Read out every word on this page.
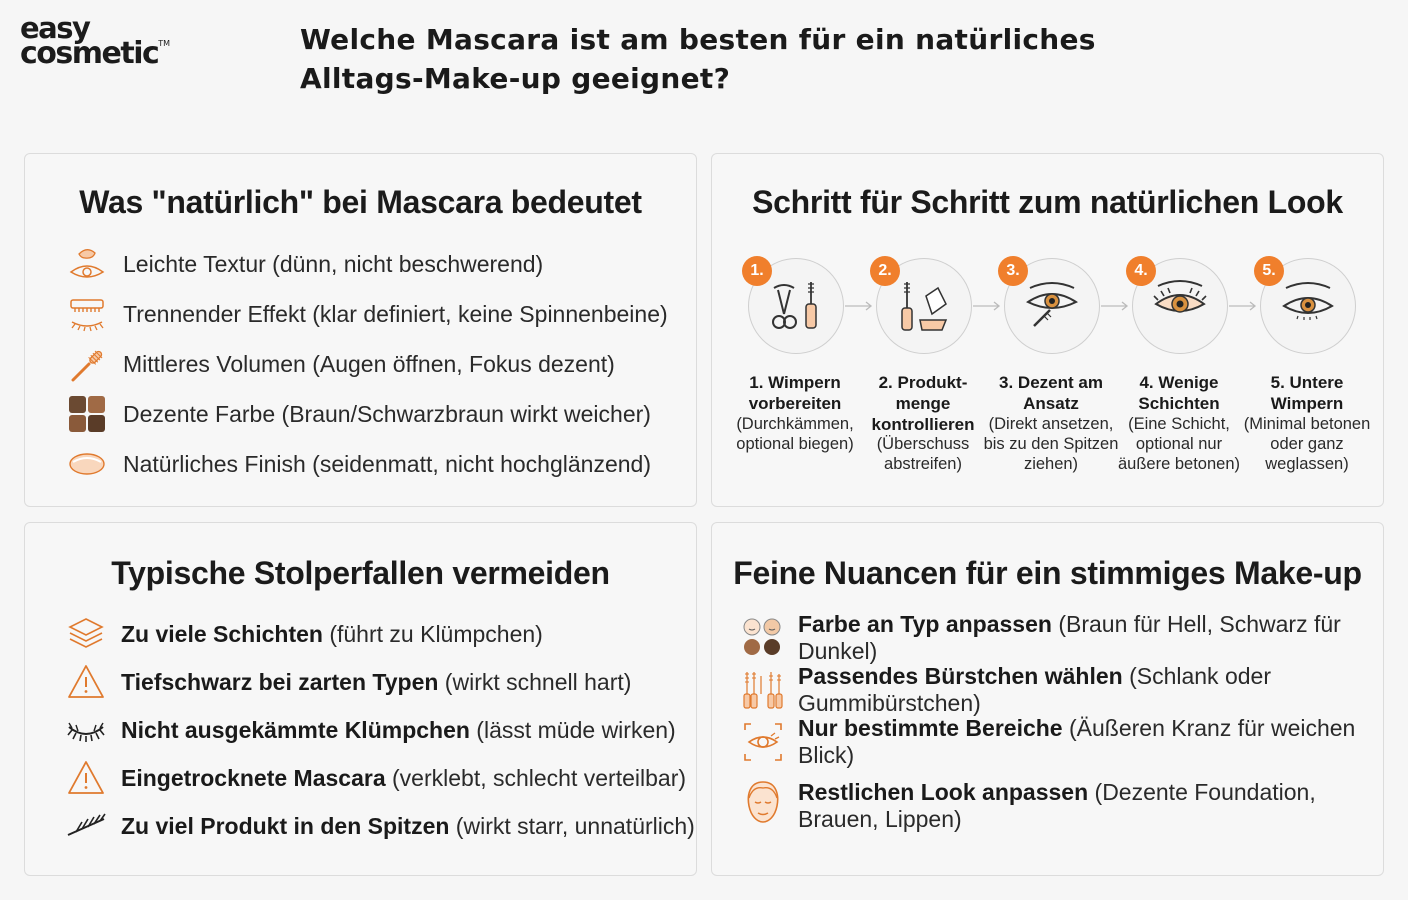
easy
cosmetic™	Welche Mascara ist am besten für ein natürliches Alltags-Make-up geeignet?
Was "natürlich" bei Mascara bedeutet
Leichte Textur (dünn, nicht beschwerend)
Trennender Effekt (klar definiert, keine Spinnenbeine)
Mittleres Volumen (Augen öffnen, Fokus dezent)
Dezente Farbe (Braun/Schwarzbraun wirkt weicher)
Natürliches Finish (seidenmatt, nicht hochglänzend)
Schritt für Schritt zum natürlichen Look
1.
1. Wimpern vorbereiten
(Durchkämmen, optional biegen)
2.
2. Produkt-menge kontrollieren
(Überschuss abstreifen)
3.
3. Dezent am Ansatz
(Direkt ansetzen, bis zu den Spitzen ziehen)
4.
4. Wenige Schichten
(Eine Schicht, optional nur äußere betonen)
5.
5. Untere Wimpern
(Minimal betonen oder ganz weglassen)
Typische Stolperfallen vermeiden
Zu viele Schichten (führt zu Klümpchen)
Tiefschwarz bei zarten Typen (wirkt schnell hart)
Nicht ausgekämmte Klümpchen (lässt müde wirken)
Eingetrocknete Mascara (verklebt, schlecht verteilbar)
Zu viel Produkt in den Spitzen (wirkt starr, unnatürlich)
Feine Nuancen für ein stimmiges Make-up
Farbe an Typ anpassen (Braun für Hell, Schwarz für Dunkel)
Passendes Bürstchen wählen (Schlank oder Gummibürstchen)
Nur bestimmte Bereiche (Äußeren Kranz für weichen Blick)
Restlichen Look anpassen (Dezente Foundation, Brauen, Lippen)
